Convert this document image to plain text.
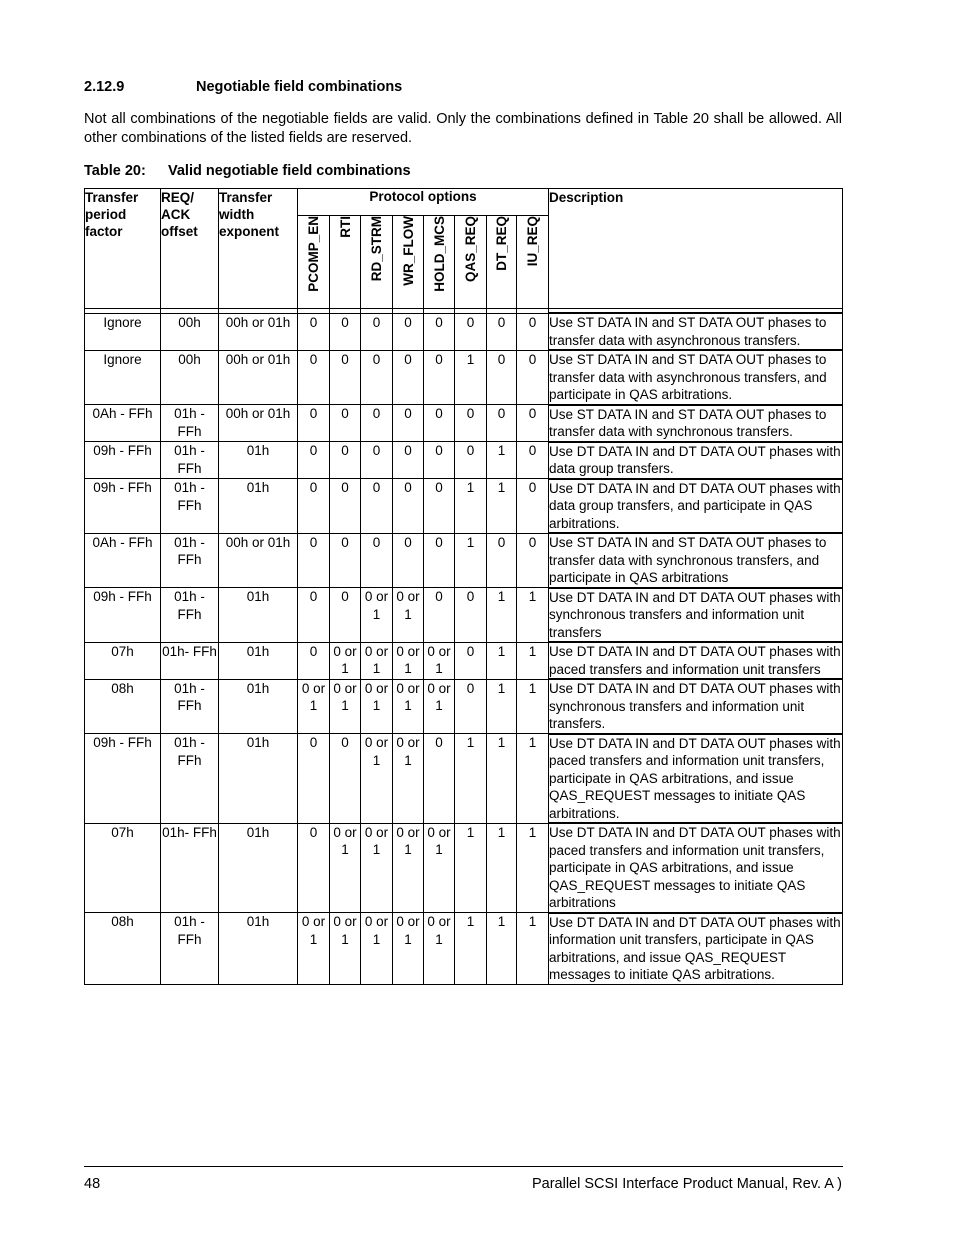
2.12.9	Negotiable field combinations
Not all combinations of the negotiable fields are valid. Only the combinations defined in Table 20 shall be allowed. All other combinations of the listed fields are reserved.
Table 20: Valid negotiable field combinations
Transfer period factor	REQ/ ACK offset	Transfer width exponent	Protocol options								Description

			PCOMP_EN	RTI	RD_STRM	WR_FLOW	HOLD_MCS	QAS_REQ	DT_REQ	IU_REQ	

Ignore	00h	00h or 01h	0	0	0	0	0	0	0	0	Use ST DATA IN and ST DATA OUT phases to transfer data with asynchronous transfers.
Ignore	00h	00h or 01h	0	0	0	0	0	1	0	0	Use ST DATA IN and ST DATA OUT phases to transfer data with asynchronous transfers, and participate in QAS arbitrations.
0Ah - FFh	01h - FFh	00h or 01h	0	0	0	0	0	0	0	0	Use ST DATA IN and ST DATA OUT phases to transfer data with synchronous transfers.
09h - FFh	01h - FFh	01h	0	0	0	0	0	0	1	0	Use DT DATA IN and DT DATA OUT phases with data group transfers.
09h - FFh	01h - FFh	01h	0	0	0	0	0	1	1	0	Use DT DATA IN and DT DATA OUT phases with data group transfers, and participate in QAS arbitrations.
0Ah - FFh	01h - FFh	00h or 01h	0	0	0	0	0	1	0	0	Use ST DATA IN and ST DATA OUT phases to transfer data with synchronous transfers, and participate in QAS arbitrations
09h - FFh	01h - FFh	01h	0	0	0 or 1	0 or 1	0	0	1	1	Use DT DATA IN and DT DATA OUT phases with synchronous transfers and information unit transfers
07h	01h- FFh	01h	0	0 or 1	0 or 1	0 or 1	0 or 1	0	1	1	Use DT DATA IN and DT DATA OUT phases with paced transfers and information unit transfers
08h	01h - FFh	01h	0 or 1	0 or 1	0 or 1	0 or 1	0 or 1	0	1	1	Use DT DATA IN and DT DATA OUT phases with synchronous transfers and information unit transfers.
09h - FFh	01h - FFh	01h	0	0	0 or 1	0 or 1	0	1	1	1	Use DT DATA IN and DT DATA OUT phases with paced transfers and information unit transfers, participate in QAS arbitrations, and issue QAS_REQUEST messages to initiate QAS arbitrations.
07h	01h- FFh	01h	0	0 or 1	0 or 1	0 or 1	0 or 1	1	1	1	Use DT DATA IN and DT DATA OUT phases with paced transfers and information unit transfers, participate in QAS arbitrations, and issue QAS_REQUEST messages to initiate QAS arbitrations
08h	01h - FFh	01h	0 or 1	0 or 1	0 or 1	0 or 1	0 or 1	1	1	1	Use DT DATA IN and DT DATA OUT phases with information unit transfers, participate in QAS arbitrations, and issue QAS_REQUEST messages to initiate QAS arbitrations.
48	Parallel SCSI Interface Product Manual, Rev. A )
